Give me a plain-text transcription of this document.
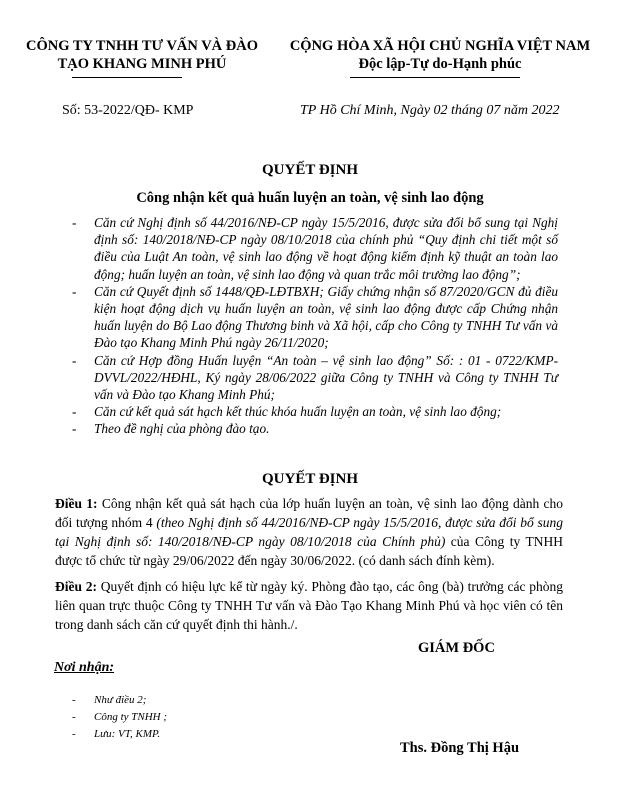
CÔNG TY TNHH TƯ VẤN VÀ ĐÀO
TẠO KHANG MINH PHÚ
CỘNG HÒA XÃ HỘI CHỦ NGHĨA VIỆT NAM
Độc lập-Tự do-Hạnh phúc
Số: 53-2022/QĐ- KMP	TP Hồ Chí Minh, Ngày 02 tháng 07 năm 2022
QUYẾT ĐỊNH
Công nhận kết quả huấn luyện an toàn, vệ sinh lao động
- Căn cứ Nghị định số 44/2016/NĐ-CP ngày 15/5/2016, được sửa đổi bổ sung tại Nghị định số: 140/2018/NĐ-CP ngày 08/10/2018 của chính phủ “Quy định chi tiết một số điều của Luật An toàn, vệ sinh lao động về hoạt động kiểm định kỹ thuật an toàn lao động; huấn luyện an toàn, vệ sinh lao động và quan trắc môi trường lao động”;
- Căn cứ Quyết định số 1448/QĐ-LĐTBXH; Giấy chứng nhận số 87/2020/GCN đủ điều kiện hoạt động dịch vụ huấn luyện an toàn, vệ sinh lao động được cấp Chứng nhận huấn luyện do Bộ Lao động Thương binh và Xã hội, cấp cho Công ty TNHH Tư vấn và Đào tạo Khang Minh Phú ngày 26/11/2020;
- Căn cứ Hợp đồng Huấn luyện “An toàn – vệ sinh lao động” Số: : 01 - 0722/KMP-DVVL/2022/HĐHL, Ký ngày 28/06/2022 giữa Công ty TNHH và Công ty TNHH Tư vấn và Đào tạo Khang Minh Phú;
- Căn cứ kết quả sát hạch kết thúc khóa huấn luyện an toàn, vệ sinh lao động;
- Theo đề nghị của phòng đào tạo.
QUYẾT ĐỊNH
Điều 1: Công nhận kết quả sát hạch của lớp huấn luyện an toàn, vệ sinh lao động dành cho đối tượng nhóm 4 (theo Nghị định số 44/2016/NĐ-CP ngày 15/5/2016, được sửa đổi bổ sung tại Nghị định số: 140/2018/NĐ-CP ngày 08/10/2018 của Chính phủ) của Công ty TNHH được tổ chức từ ngày 29/06/2022 đến ngày 30/06/2022. (có danh sách đính kèm).
Điều 2: Quyết định có hiệu lực kể từ ngày ký. Phòng đào tạo, các ông (bà) trưởng các phòng liên quan trực thuộc Công ty TNHH Tư vấn và Đào Tạo Khang Minh Phú và học viên có tên trong danh sách căn cứ quyết định thi hành./.
GIÁM ĐỐC
Nơi nhận:
- Như điều 2;
- Công ty TNHH ;
- Lưu: VT, KMP.
Ths. Đồng Thị Hậu
